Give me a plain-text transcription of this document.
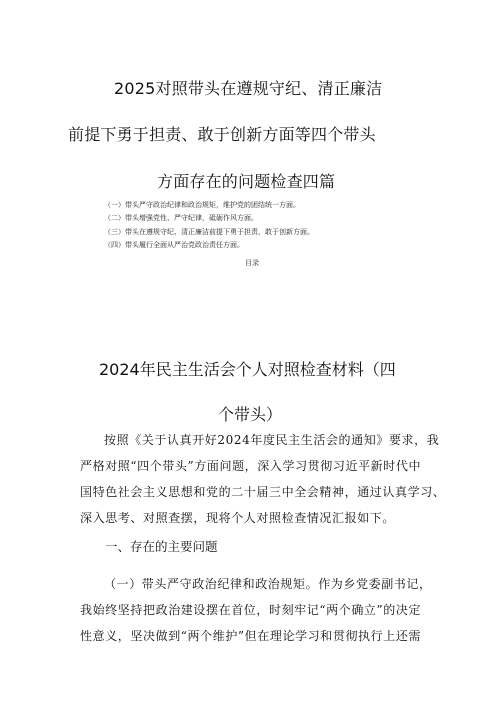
2025对照带头在遵规守纪、清正廉洁
前提下勇于担责、敢于创新方面等四个带头
方面存在的问题检查四篇
（一）带头严守政治纪律和政治规矩，维护党的团结统一方面。
（二）带头增强党性、严守纪律，砥砺作风方面。
（三）带头在遵规守纪、清正廉洁前提下勇于担责、敢于创新方面。
（四）带头履行全面从严治党政治责任方面。
目录
2024年民主生活会个人对照检查材料（四
个带头）
按照《关于认真开好2024年度民主生活会的通知》要求，我
严格对照“四个带头”方面问题，深入学习贯彻习近平新时代中
国特色社会主义思想和党的二十届三中全会精神，通过认真学习、
深入思考、对照查摆，现将个人对照检查情况汇报如下。
一、存在的主要问题
（一）带头严守政治纪律和政治规矩。作为乡党委副书记，
我始终坚持把政治建设摆在首位，时刻牢记“两个确立”的决定
性意义，坚决做到“两个维护”但在理论学习和贯彻执行上还需
